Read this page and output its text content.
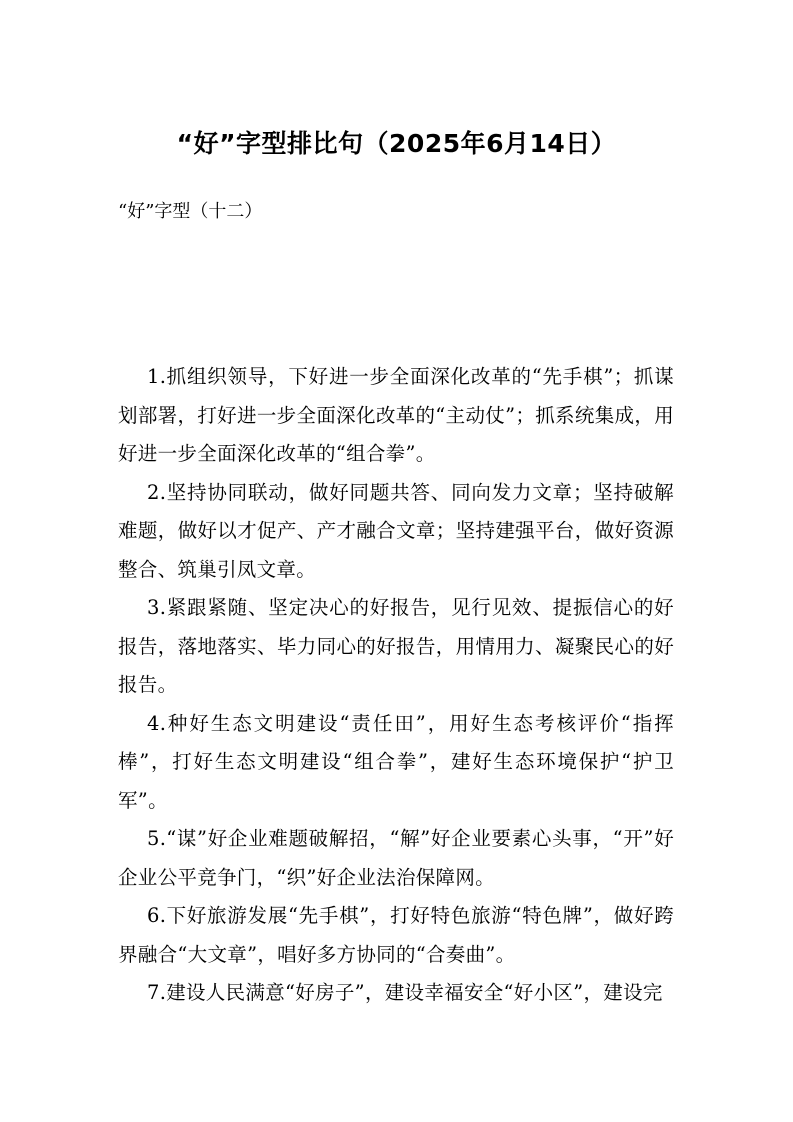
“好”字型排比句（2025年6月14日）
“好”字型（十二）

1.抓组织领导，下好进一步全面深化改革的“先手棋”；抓谋划部署，打好进一步全面深化改革的“主动仗”；抓系统集成，用好进一步全面深化改革的“组合拳”。

2.坚持协同联动，做好同题共答、同向发力文章；坚持破解难题，做好以才促产、产才融合文章；坚持建强平台，做好资源整合、筑巢引凤文章。

3.紧跟紧随、坚定决心的好报告，见行见效、提振信心的好报告，落地落实、毕力同心的好报告，用情用力、凝聚民心的好报告。

4.种好生态文明建设“责任田”，用好生态考核评价“指挥棒”，打好生态文明建设“组合拳”，建好生态环境保护“护卫军”。

5.“谋”好企业难题破解招，“解”好企业要素心头事，“开”好企业公平竞争门，“织”好企业法治保障网。

6.下好旅游发展“先手棋”，打好特色旅游“特色牌”，做好跨界融合“大文章”，唱好多方协同的“合奏曲”。

7.建设人民满意“好房子”，建设幸福安全“好小区”，建设完
